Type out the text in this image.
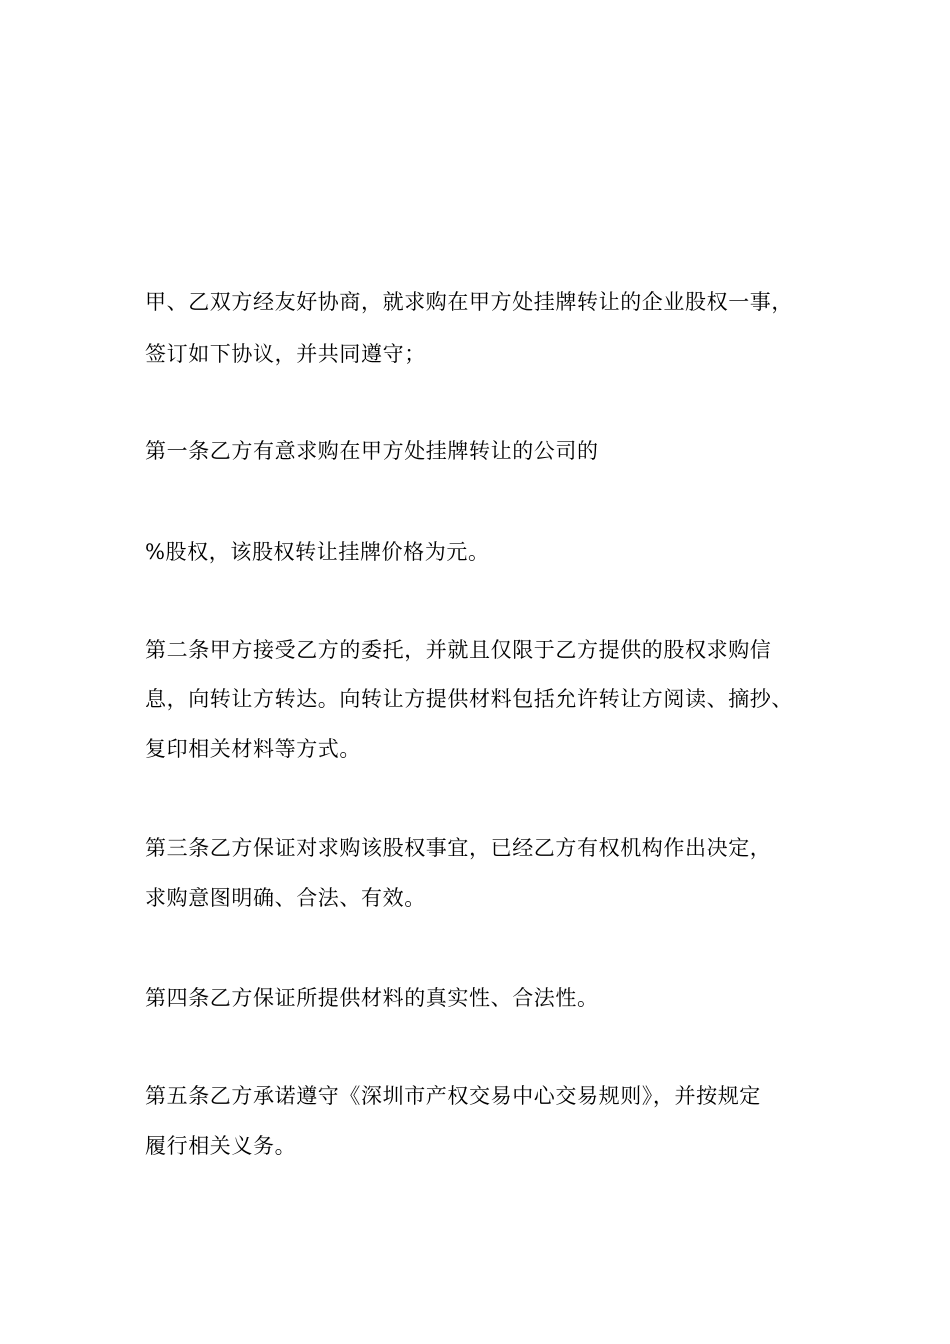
甲、乙双方经友好协商，就求购在甲方处挂牌转让的企业股权一事，
签订如下协议，并共同遵守；
第一条乙方有意求购在甲方处挂牌转让的公司的
%股权，该股权转让挂牌价格为元。
第二条甲方接受乙方的委托，并就且仅限于乙方提供的股权求购信
息，向转让方转达。向转让方提供材料包括允许转让方阅读、摘抄、
复印相关材料等方式。
第三条乙方保证对求购该股权事宜，已经乙方有权机构作出决定，
求购意图明确、合法、有效。
第四条乙方保证所提供材料的真实性、合法性。
第五条乙方承诺遵守《深圳市产权交易中心交易规则》，并按规定
履行相关义务。
